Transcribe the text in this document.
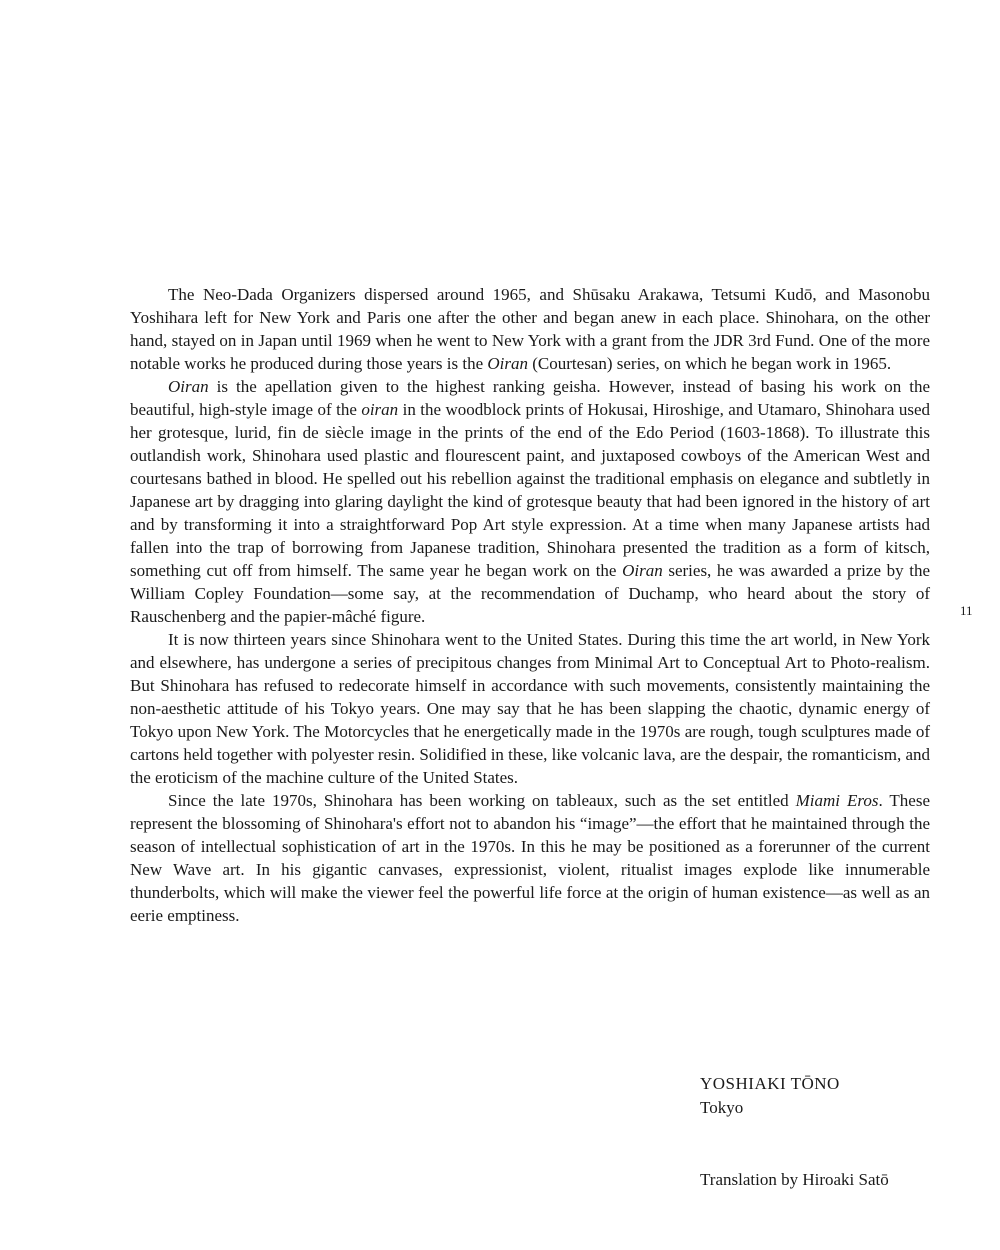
The Neo-Dada Organizers dispersed around 1965, and Shūsaku Arakawa, Tetsumi Kudō, and Masonobu Yoshihara left for New York and Paris one after the other and began anew in each place. Shinohara, on the other hand, stayed on in Japan until 1969 when he went to New York with a grant from the JDR 3rd Fund. One of the more notable works he produced during those years is the Oiran (Courtesan) series, on which he began work in 1965.

Oiran is the apellation given to the highest ranking geisha. However, instead of basing his work on the beautiful, high-style image of the oiran in the woodblock prints of Hokusai, Hiroshige, and Utamaro, Shinohara used her grotesque, lurid, fin de siècle image in the prints of the end of the Edo Period (1603-1868). To illustrate this outlandish work, Shinohara used plastic and flourescent paint, and juxtaposed cowboys of the American West and courtesans bathed in blood. He spelled out his rebellion against the traditional emphasis on elegance and subtletly in Japanese art by dragging into glaring daylight the kind of grotesque beauty that had been ignored in the history of art and by transforming it into a straightforward Pop Art style expression. At a time when many Japanese artists had fallen into the trap of borrowing from Japanese tradition, Shinohara presented the tradition as a form of kitsch, something cut off from himself. The same year he began work on the Oiran series, he was awarded a prize by the William Copley Foundation—some say, at the recommendation of Duchamp, who heard about the story of Rauschenberg and the papier-mâché figure.

It is now thirteen years since Shinohara went to the United States. During this time the art world, in New York and elsewhere, has undergone a series of precipitous changes from Minimal Art to Conceptual Art to Photo-realism. But Shinohara has refused to redecorate himself in accordance with such movements, consistently maintaining the non-aesthetic attitude of his Tokyo years. One may say that he has been slapping the chaotic, dynamic energy of Tokyo upon New York. The Motorcycles that he energetically made in the 1970s are rough, tough sculptures made of cartons held together with polyester resin. Solidified in these, like volcanic lava, are the despair, the romanticism, and the eroticism of the machine culture of the United States.

Since the late 1970s, Shinohara has been working on tableaux, such as the set entitled Miami Eros. These represent the blossoming of Shinohara's effort not to abandon his “image”—the effort that he maintained through the season of intellectual sophistication of art in the 1970s. In this he may be positioned as a forerunner of the current New Wave art. In his gigantic canvases, expressionist, violent, ritualist images explode like innumerable thunderbolts, which will make the viewer feel the powerful life force at the origin of human existence—as well as an eerie emptiness.

11
YOSHIAKI TŌNO
Tokyo
Translation by Hiroaki Satō
